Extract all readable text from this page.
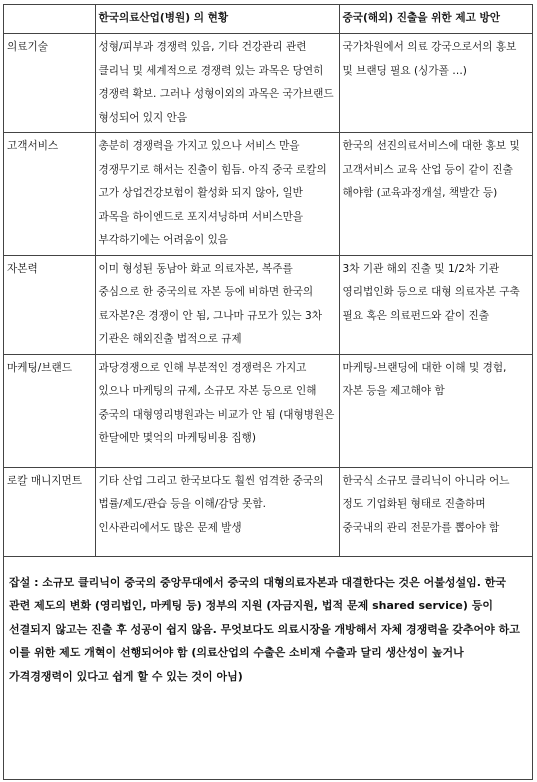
	한국의료산업(병원) 의 현황	중국(해외) 진출을 위한 제고 방안
의료기술	성형/피부과 경쟁력 있음, 기타 건강관리 관련 클리닉 및 세계적으로 경쟁력 있는 과목은 당연히 경쟁력 확보. 그러나 성형이외의 과목은 국가브랜드 형성되어 있지 안음	국가차원에서 의료 강국으로서의 홍보 및 브랜딩 필요 (싱가폴 …)
고객서비스	총분히 경쟁력을 가지고 있으나 서비스 만을 경쟁무기로 해서는 진출이 힘듬. 아직 중국 로칼의 고가 상업건강보험이 활성화 되지 않아, 일반 과목을 하이엔드로 포지셔닝하며 서비스만을 부각하기에는 어려움이 있음	한국의 선진의료서비스에 대한 홍보 및 고객서비스 교육 산업 등이 같이 진출 해야함 (교육과정개설, 책발간 등)
자본력	이미 형성된 동남아 화교 의료자본, 복주를 중심으로 한 중국의료 자본 등에 비하면 한국의 료자본?은 경쟁이 안 됨, 그나마 규모가 있는 3차 기관은 해외진출 법적으로 규제	3차 기관 해외 진출 및 1/2차 기관 영리법인화 등으로 대형 의료자본 구축 필요 혹은 의료펀드와 같이 진출
마케팅/브랜드	과당경쟁으로 인해 부분적인 경쟁력은 가지고 있으나 마케팅의 규제, 소규모 자본 등으로 인해 중국의 대형영리병원과는 비교가 안 됨 (대형병원은 한달에만 몇억의 마케팅비용 집행)	마케팅-브랜딩에 대한 이해 및 경험, 자본 등을 제고해야 함
로칼 매니지먼트	기타 산업 그리고 한국보다도 훨씬 엄격한 중국의 법률/제도/관습 등을 이해/감당 못함. 인사관리에서도 많은 문제 발생	한국식 소규모 클리닉이 아니라 어느 정도 기업화된 형태로 진출하며 중국내의 관리 전문가를 뽑아야 함
잡설 : 소규모 클리닉이 중국의 중앙무대에서 중국의 대형의료자본과 대결한다는 것은 어불성설임. 한국 관련 제도의 변화 (영리법인, 마케팅 등) 정부의 지원 (자금지원, 법적 문제 shared service) 등이 선결되지 않고는 진출 후 성공이 쉽지 않음. 무엇보다도 의료시장을 개방해서 자체 경쟁력을 갖추어야 하고 이를 위한 제도 개혁이 선행되어야 함 (의료산업의 수출은 소비재 수출과 달리 생산성이 높거나 가격경쟁력이 있다고 쉽게 할 수 있는 것이 아님)
